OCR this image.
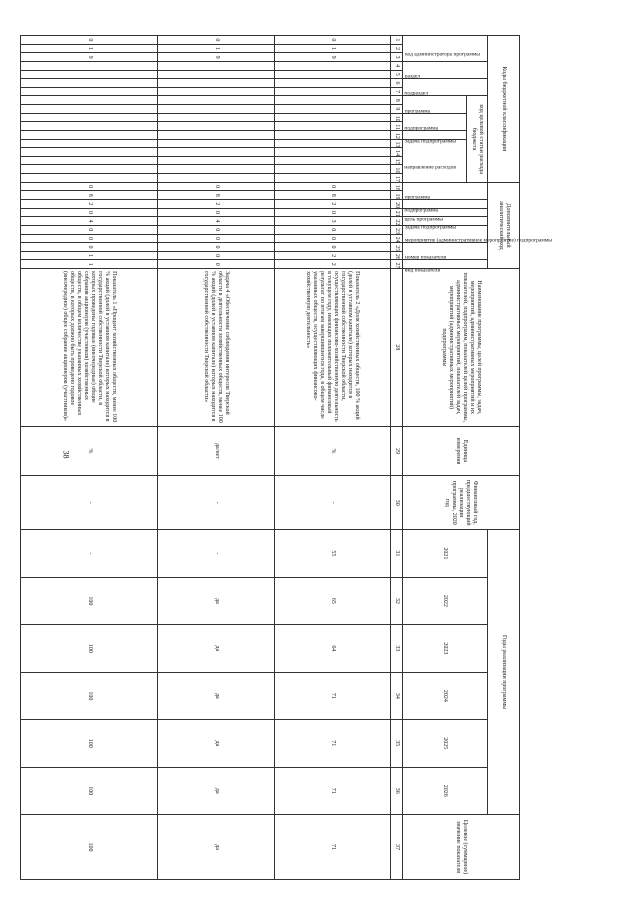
38
Коды бюджетной классификации																	Дополнительный аналитический код										Наименование программы, целей программы, задач, мероприятий, административных мероприятий и их показателей, подпрограмм, показателей целей программы, административных мероприятий, показателей задач, мероприятий (административных мероприятий) подпрограммы	Единица измерения	Финансовый год, предшествующий реализации программы, 2020 год	Годы реализации программы						Целевое (суммарное) значение показателя

код администратора программы			раздел		подраздел		код целевой статьи расхода бюджета										программа		подпрограмма	цель программы	задача подпрограммы	мероприятие (административное мероприятие) подпрограммы		номер показателя		вид показателя				2021	2022	2023	2024	2025	2026	

							программа		подпрограмма		задача подпрограммы	направление расходов																								

1	2	3	4	5	6	7	8	9	10	11	12	13	14	15	16	17	18	19	20	21	22	23	24	25	26	27	28	29	30	31	32	33	34	35	36	37
0	1	9															0	8	2	0	3	0	0	0	2	2	Показатель 2 «Доля хозяйственных обществ, 100 % акций (долей в уставном капитале) которых находится в государственной собственности Тверской области, осуществляющих финансово-хозяйственную деятельность в текущем году, имеющих положительный финансовый результат по итогам завершившегося года, в общем числе указанных обществ, осуществляющих финансово-хозяйственную деятельность»	%	-	55	65	64	71	71	71	71
0	1	9															0	8	2	0	4	0	0	0	0	0	Задача 4 «Обеспечение соблюдения интересов Тверской области в деятельности хозяйственных обществ, менее 100 % акций (долей в уставном капитале) которых находится в государственной собственности Тверской области»	да/нет	-	-	да	да	да	да	да	да
0	1	9															0	8	2	0	4	0	0	0	1	1	Показатель 1 «Процент хозяйственных обществ, менее 100 % акций (долей в уставном капитале) которых находится в государственной собственности Тверской области, в которых проведены годовые (внеочередные) общие собрания акционеров (участников) хозяйственных обществ, в общем количестве указанных хозяйственных обществ, в которых должно быть проведено годовое (внеочередное) общее собрание акционеров (участников)»	%	-	-	100	100	100	100	100	100
